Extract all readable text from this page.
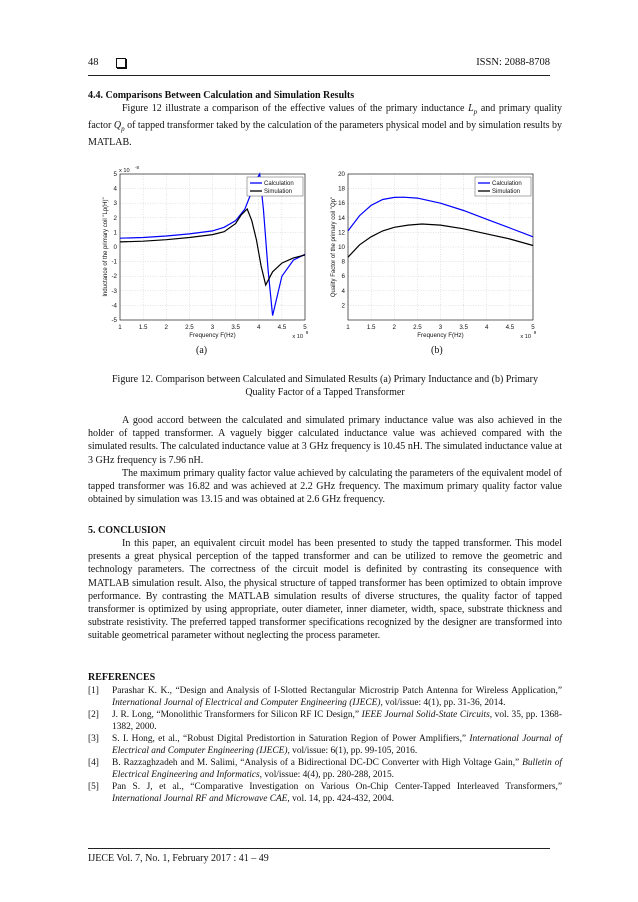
48	ISSN: 2088-8708
4.4. Comparisons Between Calculation and Simulation Results

Figure 12 illustrate a comparison of the effective values of the primary inductance $L_p$ and primary quality factor $Q_p$ of tapped transformer taked by the calculation of the parameters physical model and by simulation results by MATLAB.

1	1.5	2	2.5	3	3.5	4	4.5	5
5
4
3
2
1
0
-1
-2
-3
-4
-5
Calculation
Simulation
Frequency F(Hz)
Inductance of the primary coil "Lp(H)"
x 10
9
x 10
-8
1	1.5	2	2.5	3	3.5	4	4.5	5
20
18
16
14
12
10
8
6
4
2
Calculation
Simulation
Frequency F(Hz)
Quality Factor of the primary coil "Qp"
x 10
9
(a)	(b)
Figure 12. Comparison between Calculated and Simulated Results (a) Primary Inductance and (b) Primary
Quality Factor of a Tapped Transformer

A good accord between the calculated and simulated primary inductance value was also achieved in the holder of tapped transformer. A vaguely bigger calculated inductance value was achieved compared with the simulated results. The calculated inductance value at 3 GHz frequency is 10.45 nH. The simulated inductance value at 3 GHz frequency is 7.96 nH.

The maximum primary quality factor value achieved by calculating the parameters of the equivalent model of tapped transformer was 16.82 and was achieved at 2.2 GHz frequency. The maximum primary quality factor value obtained by simulation was 13.15 and was obtained at 2.6 GHz frequency.

5. CONCLUSION

In this paper, an equivalent circuit model has been presented to study the tapped transformer. This model presents a great physical perception of the tapped transformer and can be utilized to remove the geometric and technology parameters. The correctness of the circuit model is definited by contrasting its consequence with MATLAB simulation result. Also, the physical structure of tapped transformer has been optimized to obtain improve performance. By contrasting the MATLAB simulation results of diverse structures, the quality factor of tapped transformer is optimized by using appropriate, outer diameter, inner diameter, width, space, substrate thickness and substrate resistivity. The preferred tapped transformer specifications recognized by the designer are transformed into suitable geometrical parameter without neglecting the process parameter.

REFERENCES

[1] Parashar K. K., “Design and Analysis of I-Slotted Rectangular Microstrip Patch Antenna for Wireless Application,” International Journal of Electrical and Computer Engineering (IJECE), vol/issue: 4(1), pp. 31-36, 2014.

[2] J. R. Long, “Monolithic Transformers for Silicon RF IC Design,” IEEE Journal Solid-State Circuits, vol. 35, pp. 1368-1382, 2000.

[3] S. I. Hong, et al., “Robust Digital Predistortion in Saturation Region of Power Amplifiers,” International Journal of Electrical and Computer Engineering (IJECE), vol/issue: 6(1), pp. 99-105, 2016.

[4] B. Razzaghzadeh and M. Salimi, “Analysis of a Bidirectional DC-DC Converter with High Voltage Gain,” Bulletin of Electrical Engineering and Informatics, vol/issue: 4(4), pp. 280-288, 2015.

[5] Pan S. J, et al., “Comparative Investigation on Various On-Chip Center-Tapped Interleaved Transformers,” International Journal RF and Microwave CAE, vol. 14, pp. 424-432, 2004.

IJECE Vol. 7, No. 1, February 2017 : 41 – 49
